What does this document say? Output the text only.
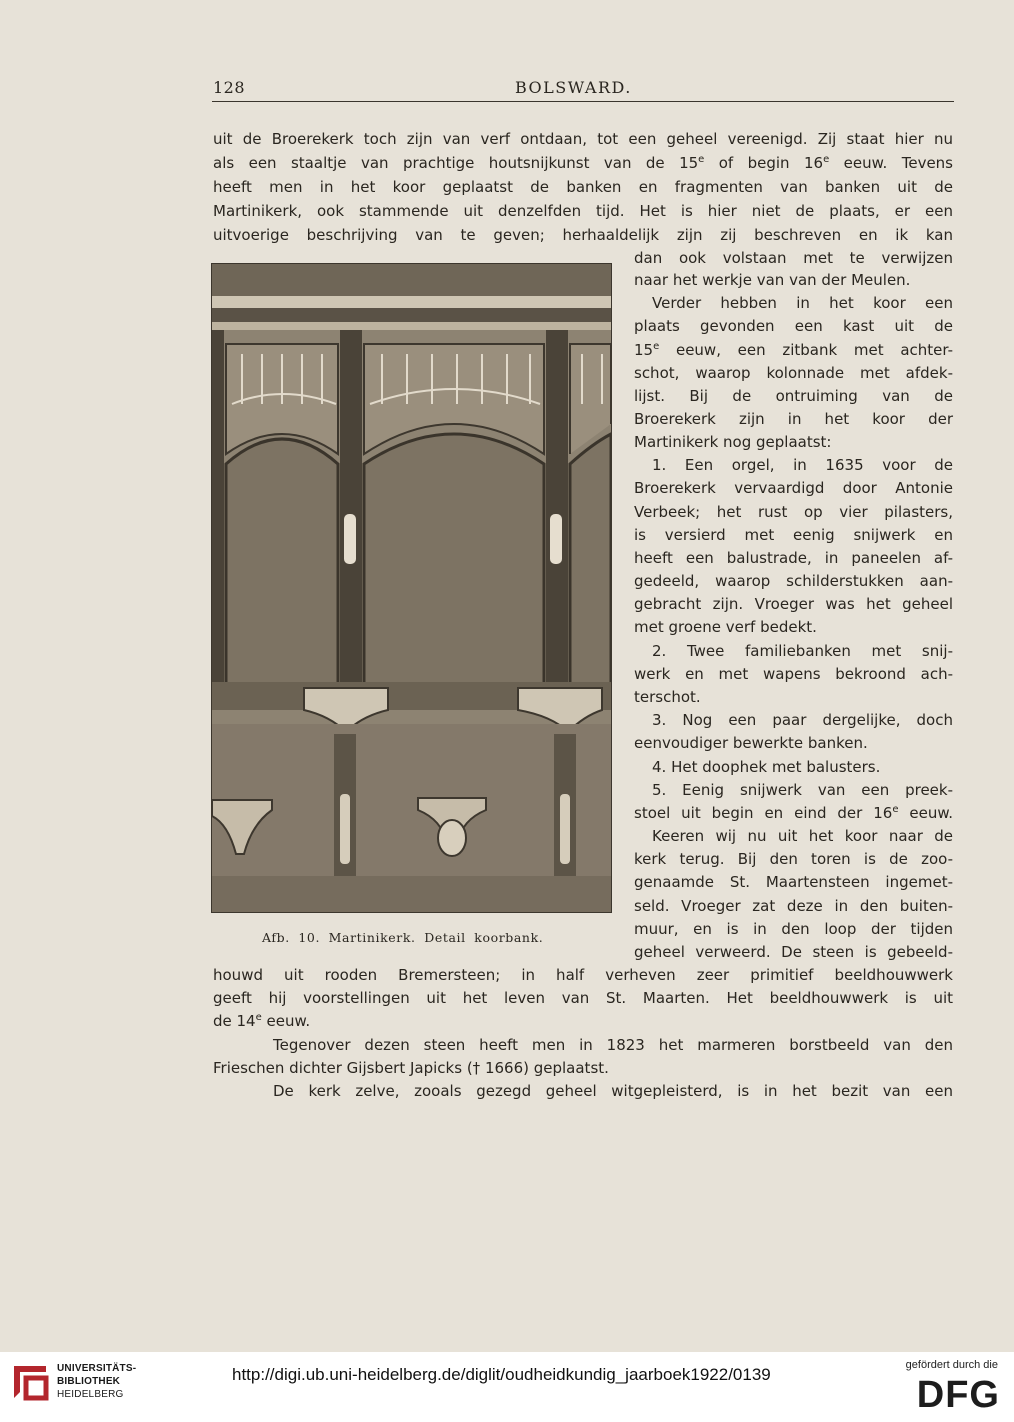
128	BOLSWARD.
uit de Broerekerk toch zijn van verf ontdaan, tot een geheel vereenigd. Zij staat hier nu
als een staaltje van prachtige houtsnijkunst van de 15e of begin 16e eeuw. Tevens
heeft men in het koor geplaatst de banken en fragmenten van banken uit de
Martinikerk, ook stammende uit denzelfden tijd. Het is hier niet de plaats, er een
uitvoerige beschrijving van te geven; herhaaldelijk zijn zij beschreven en ik kan
dan ook volstaan met te verwijzen
naar het werkje van van der Meulen.
Verder hebben in het koor een
plaats gevonden een kast uit de
15e eeuw, een zitbank met achter-
schot, waarop kolonnade met afdek-
lijst. Bij de ontruiming van de
Broerekerk zijn in het koor der
Martinikerk nog geplaatst:
1. Een orgel, in 1635 voor de
Broerekerk vervaardigd door Antonie
Verbeek; het rust op vier pilasters,
is versierd met eenig snijwerk en
heeft een balustrade, in paneelen af-
gedeeld, waarop schilderstukken aan-
gebracht zijn. Vroeger was het geheel
met groene verf bedekt.
2. Twee familiebanken met snij-
werk en met wapens bekroond ach-
terschot.
3. Nog een paar dergelijke, doch
eenvoudiger bewerkte banken.
4. Het doophek met balusters.
5. Eenig snijwerk van een preek-
stoel uit begin en eind der 16e eeuw.
Keeren wij nu uit het koor naar de
kerk terug. Bij den toren is de zoo-
genaamde St. Maartensteen ingemet-
seld. Vroeger zat deze in den buiten-
muur, en is in den loop der tijden
geheel verweerd. De steen is gebeeld-
houwd uit rooden Bremersteen; in half verheven zeer primitief beeldhouwwerk
geeft hij voorstellingen uit het leven van St. Maarten. Het beeldhouwwerk is uit
de 14e eeuw.
Tegenover dezen steen heeft men in 1823 het marmeren borstbeeld van den
Frieschen dichter Gijsbert Japicks († 1666) geplaatst.
De kerk zelve, zooals gezegd geheel witgepleisterd, is in het bezit van een
Afb. 10. Martinikerk. Detail koorbank.
UNIVERSITÄTS-
BIBLIOTHEK
HEIDELBERG
http://digi.ub.uni-heidelberg.de/diglit/oudheidkundig_jaarboek1922/0139	gefördert durch die
DFG
